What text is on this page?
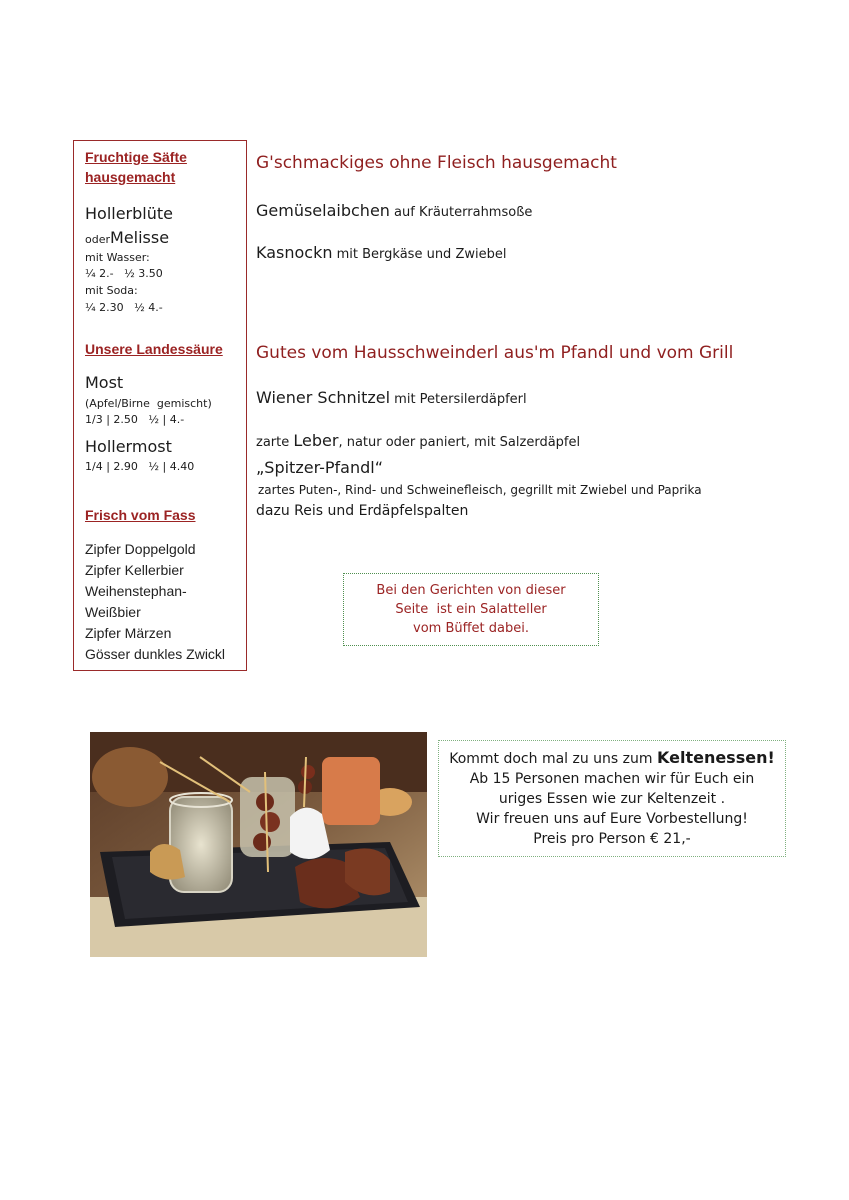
Fruchtige Säfte
hausgemacht
Hollerblüte
oderMelisse
mit Wasser:
¼ 2.-   ½ 3.50
mit Soda:
¼ 2.30   ½ 4.-
Unsere Landessäure
Most
(Apfel/Birne  gemischt)
1/3 | 2.50   ½ | 4.-
Hollermost
1/4 | 2.90   ½ | 4.40
Frisch vom Fass
Zipfer Doppelgold
Zipfer Kellerbier
Weihenstephan-
Weißbier
Zipfer Märzen
Gösser dunkles Zwickl
G'schmackiges ohne Fleisch hausgemacht
Gemüselaibchen auf Kräuterrahmsoße
Kasnockn mit Bergkäse und Zwiebel
Gutes vom Hausschweinderl aus'm Pfandl und vom Grill
Wiener Schnitzel mit Petersilerdäpferl
zarte Leber, natur oder paniert, mit Salzerdäpfel
„Spitzer-Pfandl“
zartes Puten-, Rind- und Schweinefleisch, gegrillt mit Zwiebel und Paprika
dazu Reis und Erdäpfelspalten
Bei den Gerichten von dieser
Seite  ist ein Salatteller
vom Büffet dabei.
Kommt doch mal zu uns zum Keltenessen!
Ab 15 Personen machen wir für Euch ein
uriges Essen wie zur Keltenzeit .
Wir freuen uns auf Eure Vorbestellung!
Preis pro Person € 21,-
